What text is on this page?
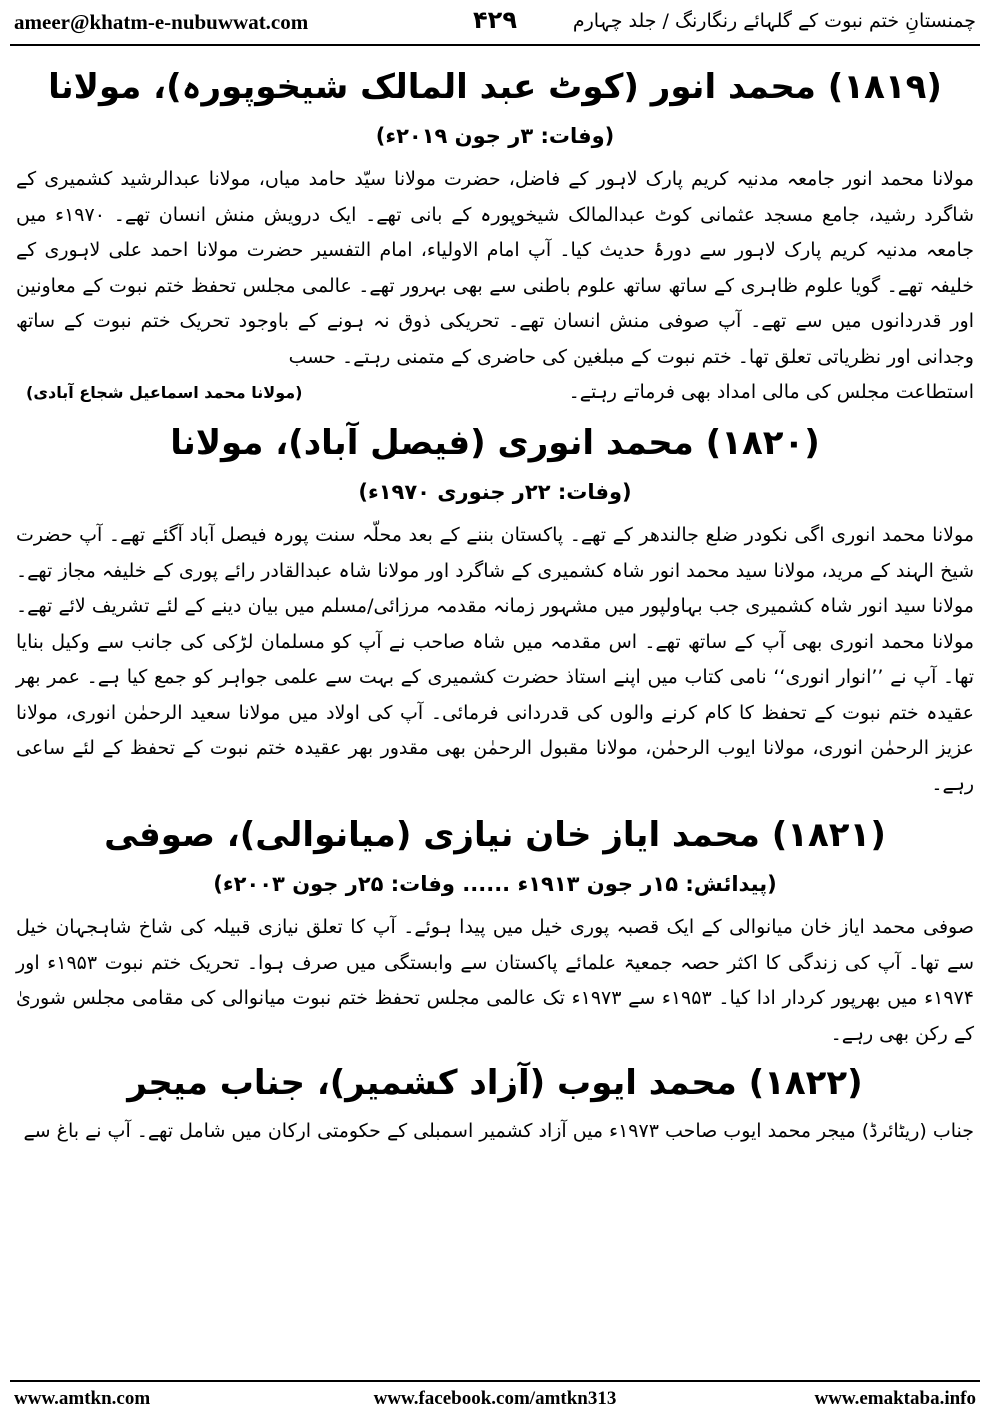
ameer@khatm-e-nubuwwat.com	۴۲۹	چمنستانِ ختم نبوت کے گلہائے رنگارنگ / جلد چہارم
(۱۸۱۹) محمد انور (کوٹ عبد المالک شیخوپورہ)، مولانا
(وفات: ۳ر جون ۲۰۱۹ء)

مولانا محمد انور جامعہ مدنیہ کریم پارک لاہور کے فاضل، حضرت مولانا سیّد حامد میاں، مولانا عبدالرشید کشمیری کے شاگرد رشید، جامع مسجد عثمانی کوٹ عبدالمالک شیخوپورہ کے بانی تھے۔ ایک درویش منش انسان تھے۔ ۱۹۷۰ء میں جامعہ مدنیہ کریم پارک لاہور سے دورۂ حدیث کیا۔ آپ امام الاولیاء، امام التفسیر حضرت مولانا احمد علی لاہوری کے خلیفہ تھے۔ گویا علوم ظاہری کے ساتھ ساتھ علوم باطنی سے بھی بہرور تھے۔ عالمی مجلس تحفظ ختم نبوت کے معاونین اور قدردانوں میں سے تھے۔ آپ صوفی منش انسان تھے۔ تحریکی ذوق نہ ہونے کے باوجود تحریک ختم نبوت کے ساتھ وجدانی اور نظریاتی تعلق تھا۔ ختم نبوت کے مبلغین کی حاضری کے متمنی رہتے۔ حسب

استطاعت مجلس کی مالی امداد بھی فرماتے رہتے۔
(مولانا محمد اسماعیل شجاع آبادی)
(۱۸۲۰) محمد انوری (فیصل آباد)، مولانا
(وفات: ۲۲ر جنوری ۱۹۷۰ء)

مولانا محمد انوری اگی نکودر ضلع جالندھر کے تھے۔ پاکستان بننے کے بعد محلّہ سنت پورہ فیصل آباد آگئے تھے۔ آپ حضرت شیخ الہند کے مرید، مولانا سید محمد انور شاہ کشمیری کے شاگرد اور مولانا شاہ عبدالقادر رائے پوری کے خلیفہ مجاز تھے۔ مولانا سید انور شاہ کشمیری جب بہاولپور میں مشہور زمانہ مقدمہ مرزائی/مسلم میں بیان دینے کے لئے تشریف لائے تھے۔ مولانا محمد انوری بھی آپ کے ساتھ تھے۔ اس مقدمہ میں شاہ صاحب نے آپ کو مسلمان لڑکی کی جانب سے وکیل بنایا تھا۔ آپ نے ’’انوار انوری‘‘ نامی کتاب میں اپنے استاذ حضرت کشمیری کے بہت سے علمی جواہر کو جمع کیا ہے۔ عمر بھر عقیدہ ختم نبوت کے تحفظ کا کام کرنے والوں کی قدردانی فرمائی۔ آپ کی اولاد میں مولانا سعید الرحمٰن انوری، مولانا عزیز الرحمٰن انوری، مولانا ایوب الرحمٰن، مولانا مقبول الرحمٰن بھی مقدور بھر عقیدہ ختم نبوت کے تحفظ کے لئے ساعی رہے۔

(۱۸۲۱) محمد ایاز خان نیازی (میانوالی)، صوفی
(پیدائش: ۱۵ر جون ۱۹۱۳ء ...... وفات: ۲۵ر جون ۲۰۰۳ء)

صوفی محمد ایاز خان میانوالی کے ایک قصبہ پوری خیل میں پیدا ہوئے۔ آپ کا تعلق نیازی قبیلہ کی شاخ شاہجہان خیل سے تھا۔ آپ کی زندگی کا اکثر حصہ جمعیۃ علمائے پاکستان سے وابستگی میں صرف ہوا۔ تحریک ختم نبوت ۱۹۵۳ء اور ۱۹۷۴ء میں بھرپور کردار ادا کیا۔ ۱۹۵۳ء سے ۱۹۷۳ء تک عالمی مجلس تحفظ ختم نبوت میانوالی کی مقامی مجلس شوریٰ کے رکن بھی رہے۔

(۱۸۲۲) محمد ایوب (آزاد کشمیر)، جناب میجر

جناب (ریٹائرڈ) میجر محمد ایوب صاحب ۱۹۷۳ء میں آزاد کشمیر اسمبلی کے حکومتی ارکان میں شامل تھے۔ آپ نے باغ سے

www.amtkn.com	www.facebook.com/amtkn313	www.emaktaba.info
